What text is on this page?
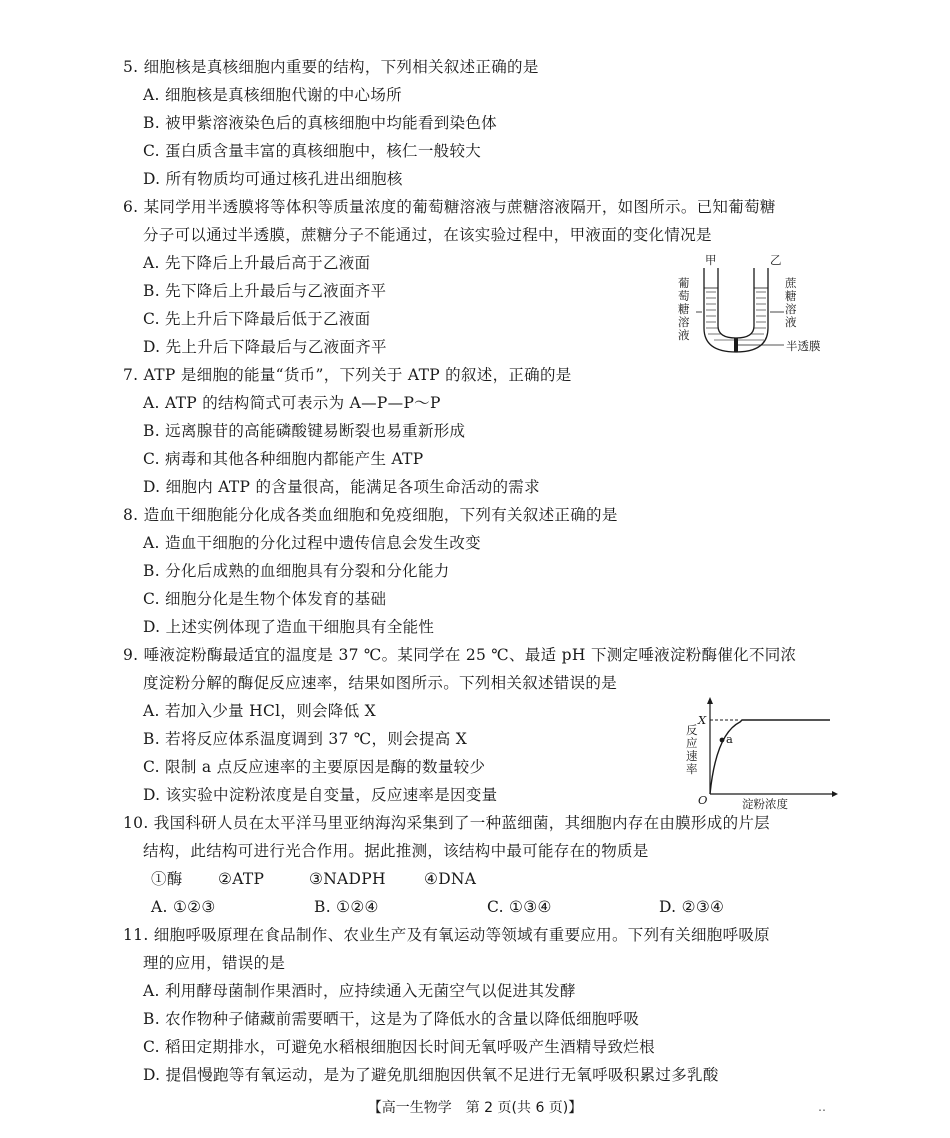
5. 细胞核是真核细胞内重要的结构，下列相关叙述正确的是
A. 细胞核是真核细胞代谢的中心场所
B. 被甲紫溶液染色后的真核细胞中均能看到染色体
C. 蛋白质含量丰富的真核细胞中，核仁一般较大
D. 所有物质均可通过核孔进出细胞核
6. 某同学用半透膜将等体积等质量浓度的葡萄糖溶液与蔗糖溶液隔开，如图所示。已知葡萄糖
分子可以通过半透膜，蔗糖分子不能通过，在该实验过程中，甲液面的变化情况是
A. 先下降后上升最后高于乙液面
B. 先下降后上升最后与乙液面齐平
C. 先上升后下降最后低于乙液面
D. 先上升后下降最后与乙液面齐平
甲	乙
葡
萄
糖
溶
液
蔗
糖
溶
液
半透膜
7. ATP 是细胞的能量“货币”，下列关于 ATP 的叙述，正确的是
A. ATP 的结构简式可表示为 A—P—P～P
B. 远离腺苷的高能磷酸键易断裂也易重新形成
C. 病毒和其他各种细胞内都能产生 ATP
D. 细胞内 ATP 的含量很高，能满足各项生命活动的需求
8. 造血干细胞能分化成各类血细胞和免疫细胞，下列有关叙述正确的是
A. 造血干细胞的分化过程中遗传信息会发生改变
B. 分化后成熟的血细胞具有分裂和分化能力
C. 细胞分化是生物个体发育的基础
D. 上述实例体现了造血干细胞具有全能性
9. 唾液淀粉酶最适宜的温度是 37 ℃。某同学在 25 ℃、最适 pH 下测定唾液淀粉酶催化不同浓
度淀粉分解的酶促反应速率，结果如图所示。下列相关叙述错误的是
A. 若加入少量 HCl，则会降低 X
B. 若将反应体系温度调到 37 ℃，则会提高 X
C. 限制 a 点反应速率的主要原因是酶的数量较少
D. 该实验中淀粉浓度是自变量，反应速率是因变量
a
X
O	淀粉浓度
反
应
速
率
10. 我国科研人员在太平洋马里亚纳海沟采集到了一种蓝细菌，其细胞内存在由膜形成的片层
结构，此结构可进行光合作用。据此推测，该结构中最可能存在的物质是
①酶 ②ATP	③NADPH ④DNA
A. ①②③	B. ①②④	C. ①③④	D. ②③④
11. 细胞呼吸原理在食品制作、农业生产及有氧运动等领域有重要应用。下列有关细胞呼吸原
理的应用，错误的是
A. 利用酵母菌制作果酒时，应持续通入无菌空气以促进其发酵
B. 农作物种子储藏前需要晒干，这是为了降低水的含量以降低细胞呼吸
C. 稻田定期排水，可避免水稻根细胞因长时间无氧呼吸产生酒精导致烂根
D. 提倡慢跑等有氧运动，是为了避免肌细胞因供氧不足进行无氧呼吸积累过多乳酸
【高一生物学　第 2 页(共 6 页)】	‥
